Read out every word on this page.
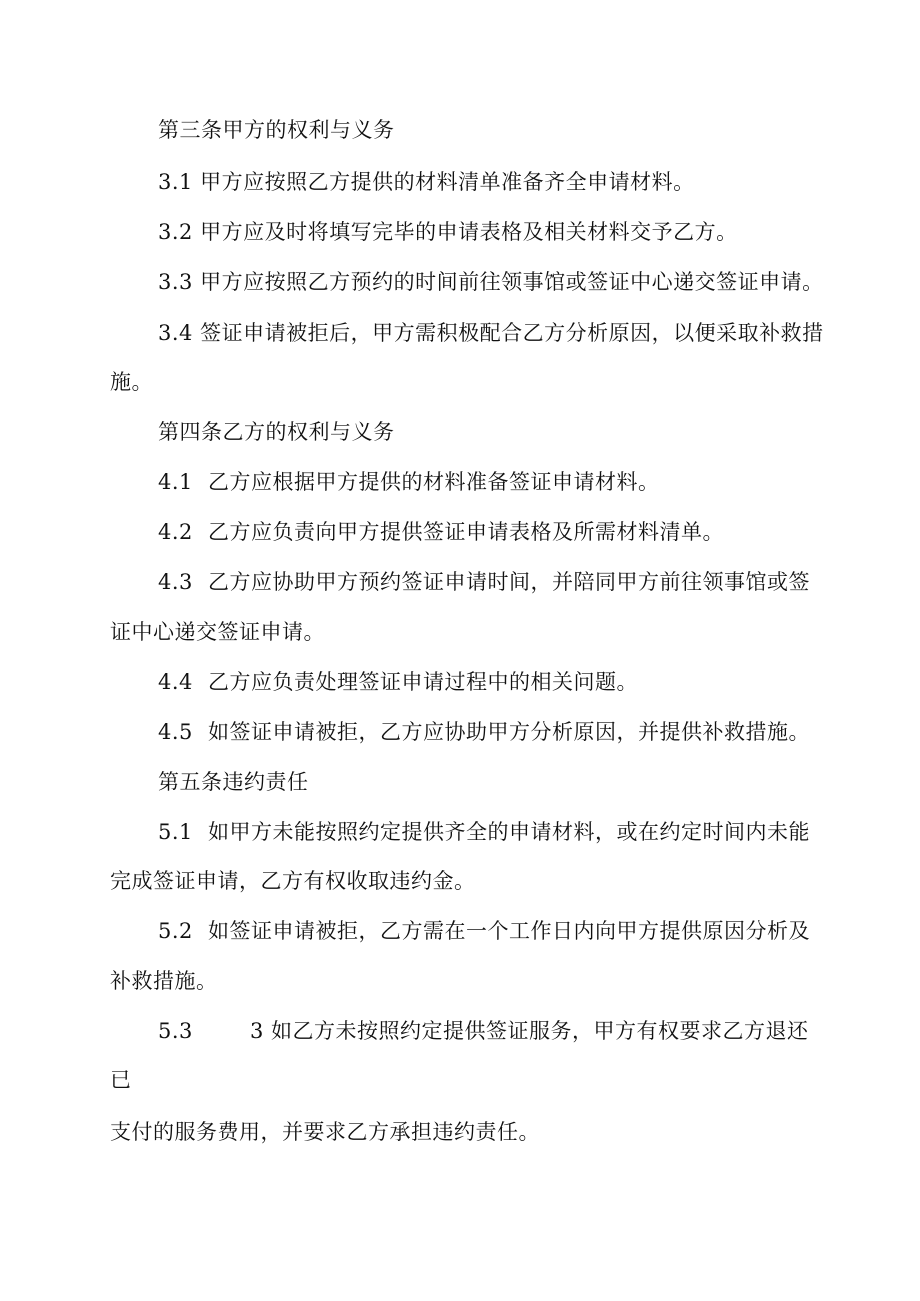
第三条甲方的权利与义务
3.1 甲方应按照乙方提供的材料清单准备齐全申请材料。
3.2 甲方应及时将填写完毕的申请表格及相关材料交予乙方。
3.3 甲方应按照乙方预约的时间前往领事馆或签证中心递交签证申请。
3.4 签证申请被拒后，甲方需积极配合乙方分析原因，以便采取补救措
施。
第四条乙方的权利与义务
4.1 乙方应根据甲方提供的材料准备签证申请材料。
4.2 乙方应负责向甲方提供签证申请表格及所需材料清单。
4.3 乙方应协助甲方预约签证申请时间，并陪同甲方前往领事馆或签
证中心递交签证申请。
4.4 乙方应负责处理签证申请过程中的相关问题。
4.5 如签证申请被拒，乙方应协助甲方分析原因，并提供补救措施。
第五条违约责任
5.1 如甲方未能按照约定提供齐全的申请材料，或在约定时间内未能
完成签证申请，乙方有权收取违约金。
5.2 如签证申请被拒，乙方需在一个工作日内向甲方提供原因分析及
补救措施。
5.3	3 如乙方未按照约定提供签证服务，甲方有权要求乙方退还
已
支付的服务费用，并要求乙方承担违约责任。
